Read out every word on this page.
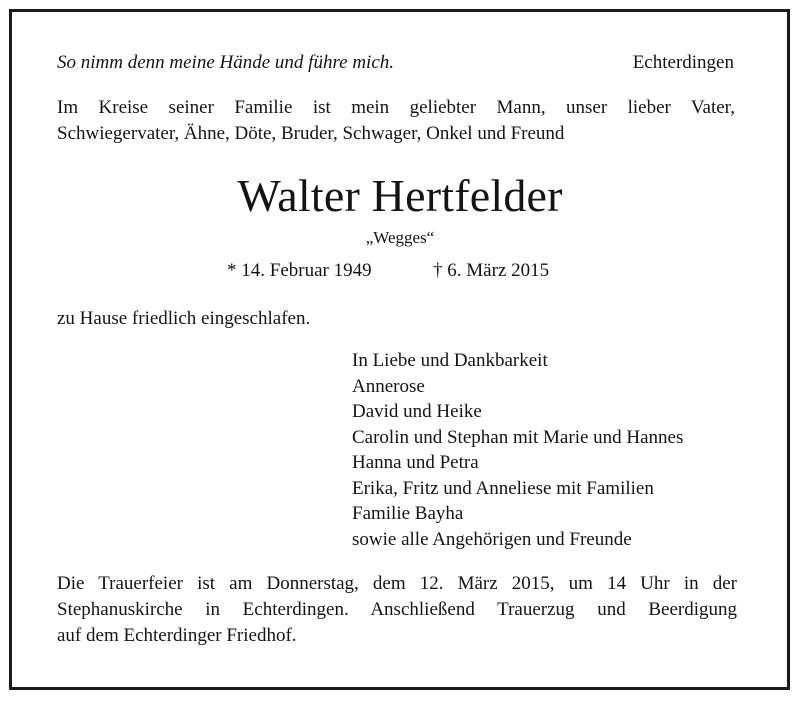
So nimm denn meine Hände und führe mich.	Echterdingen
Im Kreise seiner Familie ist mein geliebter Mann, unser lieber Vater,
Schwiegervater, Ähne, Döte, Bruder, Schwager, Onkel und Freund
Walter Hertfelder
„Wegges“
* 14. Februar 1949	† 6. März 2015
zu Hause friedlich eingeschlafen.
In Liebe und Dankbarkeit
Annerose
David und Heike
Carolin und Stephan mit Marie und Hannes
Hanna und Petra
Erika, Fritz und Anneliese mit Familien
Familie Bayha
sowie alle Angehörigen und Freunde
Die Trauerfeier ist am Donnerstag, dem 12. März 2015, um 14 Uhr in der
Stephanuskirche in Echterdingen. Anschließend Trauerzug und Beerdigung
auf dem Echterdinger Friedhof.
